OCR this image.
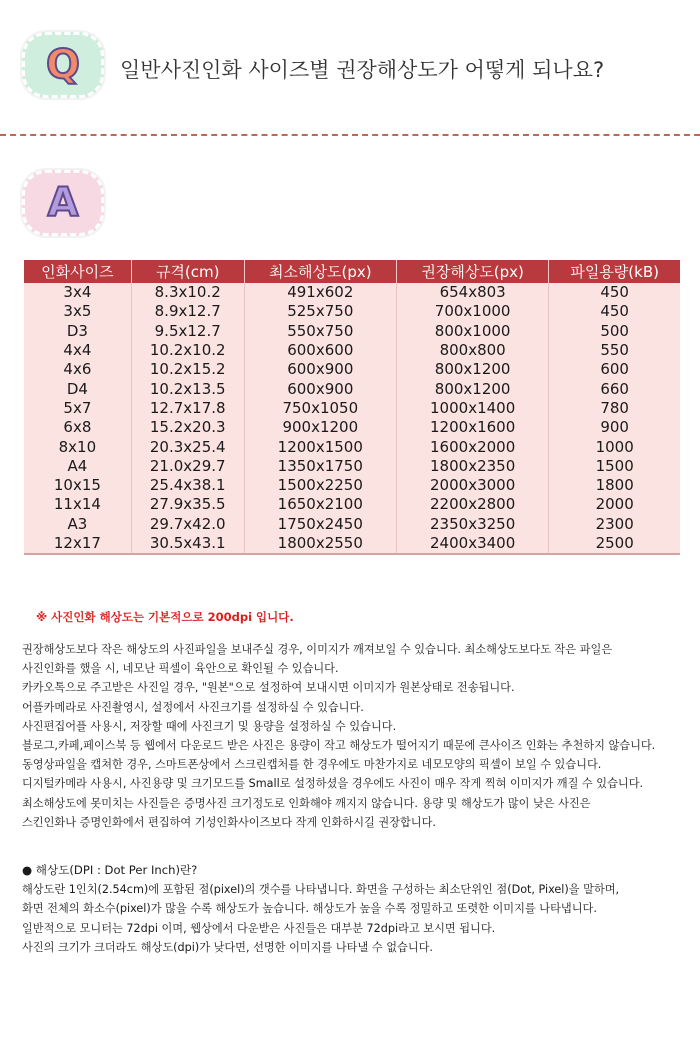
Q 일반사진인화 사이즈별 권장해상도가 어떻게 되나요?
A
인화사이즈	규격(cm)	최소해상도(px)	권장해상도(px)	파일용량(kB)
3x4	8.3x10.2	491x602	654x803	450
3x5	8.9x12.7	525x750	700x1000	450
D3	9.5x12.7	550x750	800x1000	500
4x4	10.2x10.2	600x600	800x800	550
4x6	10.2x15.2	600x900	800x1200	600
D4	10.2x13.5	600x900	800x1200	660
5x7	12.7x17.8	750x1050	1000x1400	780
6x8	15.2x20.3	900x1200	1200x1600	900
8x10	20.3x25.4	1200x1500	1600x2000	1000
A4	21.0x29.7	1350x1750	1800x2350	1500
10x15	25.4x38.1	1500x2250	2000x3000	1800
11x14	27.9x35.5	1650x2100	2200x2800	2000
A3	29.7x42.0	1750x2450	2350x3250	2300
12x17	30.5x43.1	1800x2550	2400x3400	2500
※ 사진인화 해상도는 기본적으로 200dpi 입니다.

권장해상도보다 작은 해상도의 사진파일을 보내주실 경우, 이미지가 깨져보일 수 있습니다. 최소해상도보다도 작은 파일은

사진인화를 했을 시, 네모난 픽셀이 육안으로 확인될 수 있습니다.

카카오톡으로 주고받은 사진일 경우, "원본"으로 설정하여 보내시면 이미지가 원본상태로 전송됩니다.

어플카메라로 사진촬영시, 설정에서 사진크기를 설정하실 수 있습니다.

사진편집어플 사용시, 저장할 때에 사진크기 및 용량을 설정하실 수 있습니다.

블로그,카페,페이스북 등 웹에서 다운로드 받은 사진은 용량이 작고 해상도가 떨어지기 때문에 큰사이즈 인화는 추천하지 않습니다.

동영상파일을 캡쳐한 경우, 스마트폰상에서 스크린캡처를 한 경우에도 마찬가지로 네모모양의 픽셀이 보일 수 있습니다.

디지털카메라 사용시, 사진용량 및 크기모드를 Small로 설정하셨을 경우에도 사진이 매우 작게 찍혀 이미지가 깨질 수 있습니다.

최소해상도에 못미치는 사진들은 증명사진 크기정도로 인화해야 깨지지 않습니다. 용량 및 해상도가 많이 낮은 사진은

스킨인화나 증명인화에서 편집하여 기성인화사이즈보다 작게 인화하시길 권장합니다.

● 해상도(DPI : Dot Per Inch)란?

해상도란 1인치(2.54cm)에 포함된 점(pixel)의 갯수를 나타냅니다. 화면을 구성하는 최소단위인 점(Dot, Pixel)을 말하며,

화면 전체의 화소수(pixel)가 많을 수록 해상도가 높습니다. 해상도가 높을 수록 정밀하고 또렷한 이미지를 나타냅니다.

일반적으로 모니터는 72dpi 이며, 웹상에서 다운받은 사진들은 대부분 72dpi라고 보시면 됩니다.

사진의 크기가 크더라도 해상도(dpi)가 낮다면, 선명한 이미지를 나타낼 수 없습니다.
